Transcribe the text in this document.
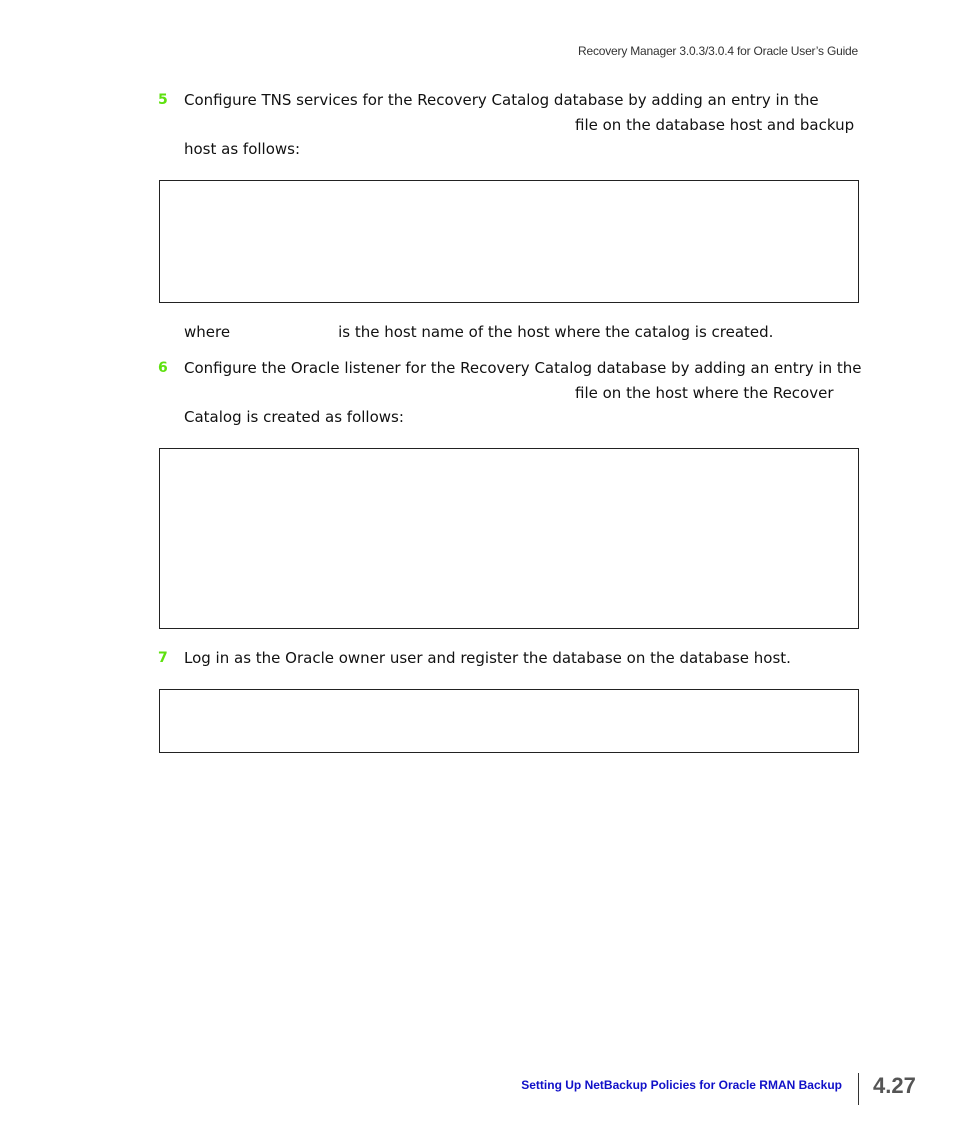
Recovery Manager 3.0.3/3.0.4 for Oracle User’s Guide
5 Configure TNS services for the Recovery Catalog database by adding an entry in the
file on the database host and backup
host as follows:
where	is the host name of the host where the catalog is created.
6 Configure the Oracle listener for the Recovery Catalog database by adding an entry in the
file on the host where the Recover
Catalog is created as follows:
7 Log in as the Oracle owner user and register the database on the database host.
Setting Up NetBackup Policies for Oracle RMAN Backup 4.27
